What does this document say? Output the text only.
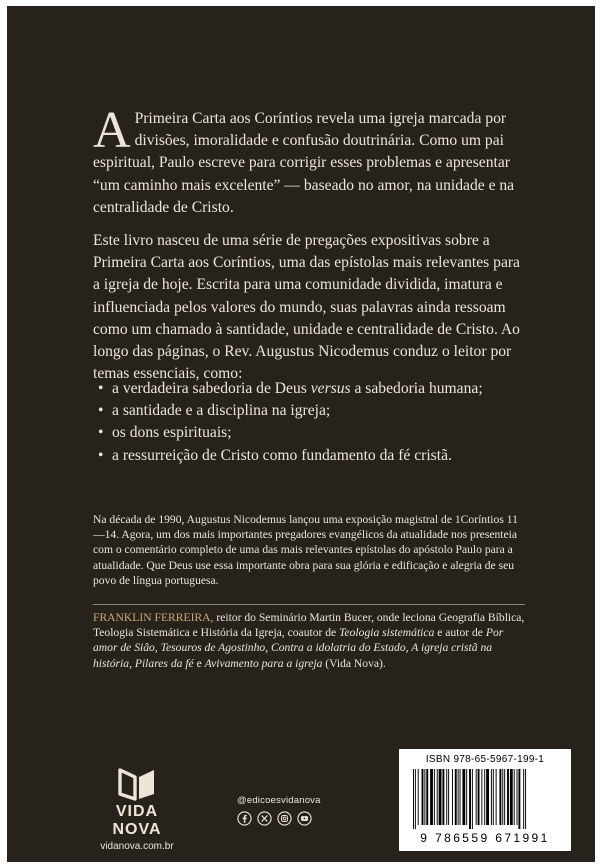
A Primeira Carta aos Coríntios revela uma igreja marcada por divisões, imoralidade e confusão doutrinária. Como um pai espiritual, Paulo escreve para corrigir esses problemas e apresentar “um caminho mais excelente” — baseado no amor, na unidade e na centralidade de Cristo.

Este livro nasceu de uma série de pregações expositivas sobre a Primeira Carta aos Coríntios, uma das epístolas mais relevantes para a igreja de hoje. Escrita para uma comunidade dividida, imatura e influenciada pelos valores do mundo, suas palavras ainda ressoam como um chamado à santidade, unidade e centralidade de Cristo. Ao longo das páginas, o Rev. Augustus Nicodemus conduz o leitor por temas essenciais, como:

• a verdadeira sabedoria de Deus versus a sabedoria humana;
• a santidade e a disciplina na igreja;
• os dons espirituais;
• a ressurreição de Cristo como fundamento da fé cristã.

Na década de 1990, Augustus Nicodemus lançou uma exposição magistral de 1Coríntios 11—14. Agora, um dos mais importantes pregadores evangélicos da atualidade nos presenteia com o comentário completo de uma das mais relevantes epístolas do apóstolo Paulo para a atualidade. Que Deus use essa importante obra para sua glória e edificação e alegria de seu povo de língua portuguesa.

FRANKLIN FERREIRA, reitor do Seminário Martin Bucer, onde leciona Geografia Bíblica, Teologia Sistemática e História da Igreja, coautor de Teologia sistemática e autor de Por amor de Sião, Tesouros de Agostinho, Contra a idolatria do Estado, A igreja cristã na história, Pilares da fé e Avivamento para a igreja (Vida Nova).

VIDA NOVA
vidanova.com.br
@edicoesvidanova
ISBN 978-65-5967-199-1
9 786559 671991
